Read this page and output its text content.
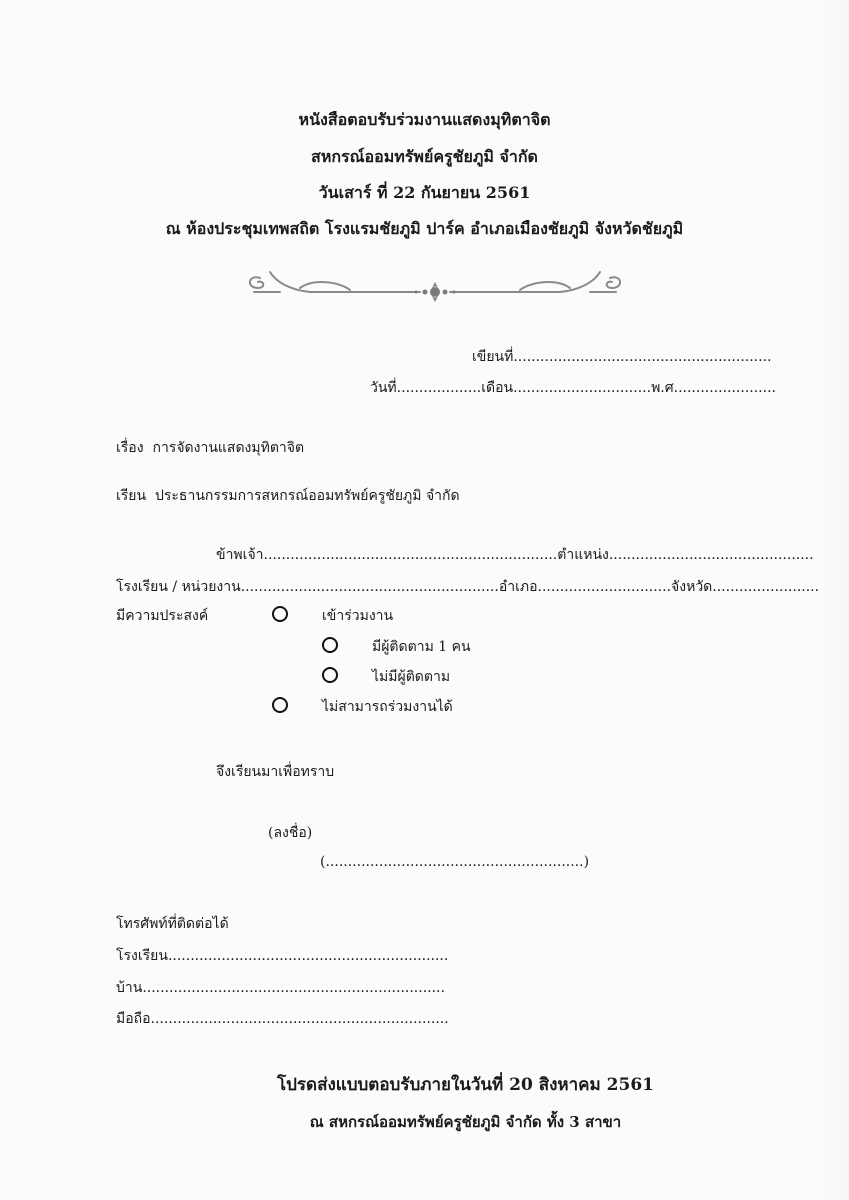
หนังสือตอบรับร่วมงานแสดงมุทิตาจิต
สหกรณ์ออมทรัพย์ครูชัยภูมิ จำกัด
วันเสาร์ ที่ 22 กันยายน 2561
ณ ห้องประชุมเทพสถิต โรงแรมชัยภูมิ ปาร์ค อำเภอเมืองชัยภูมิ จังหวัดชัยภูมิ
เขียนที่..........................................................
วันที่...................เดือน...............................พ.ศ.......................
เรื่อง การจัดงานแสดงมุทิตาจิต
เรียน ประธานกรรมการสหกรณ์ออมทรัพย์ครูชัยภูมิ จำกัด
ข้าพเจ้า..................................................................ตำแหน่ง..............................................
โรงเรียน / หน่วยงาน..........................................................อำเภอ..............................จังหวัด........................
มีความประสงค์	เข้าร่วมงาน
มีผู้ติดตาม 1 คน
ไม่มีผู้ติดตาม
ไม่สามารถร่วมงานได้
จึงเรียนมาเพื่อทราบ
(ลงชื่อ)
(..........................................................)
โทรศัพท์ที่ติดต่อได้
โรงเรียน...............................................................
บ้าน....................................................................
มือถือ...................................................................
โปรดส่งแบบตอบรับภายในวันที่ 20 สิงหาคม 2561
ณ สหกรณ์ออมทรัพย์ครูชัยภูมิ จำกัด ทั้ง 3 สาขา
